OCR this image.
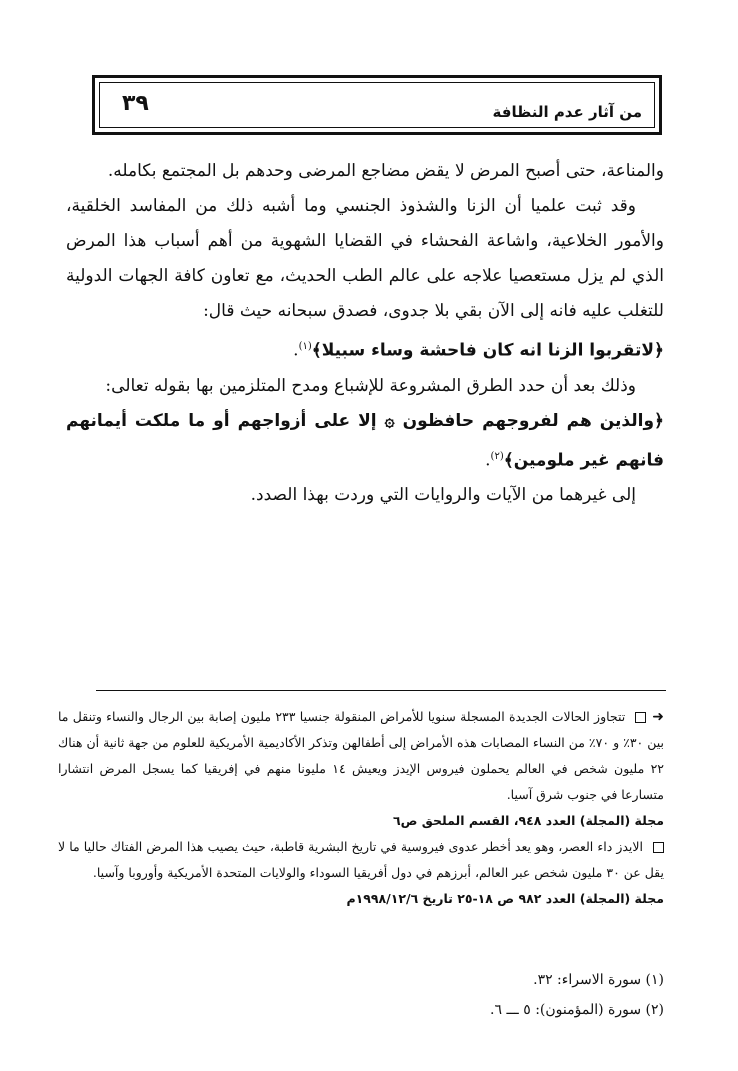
من آثار عدم النظافة
٣٩

والمناعة، حتى أصبح المرض لا يقض مضاجع المرضى وحدهم بل المجتمع بكامله.

وقد ثبت علميا أن الزنا والشذوذ الجنسي وما أشبه ذلك من المفاسد الخلقية، والأمور الخلاعية، واشاعة الفحشاء في القضايا الشهوية من أهم أسباب هذا المرض الذي لم يزل مستعصيا علاجه على عالم الطب الحديث، مع تعاون كافة الجهات الدولية للتغلب عليه فانه إلى الآن بقي بلا جدوى، فصدق سبحانه حيث قال:

﴿لاتقربوا الزنا انه كان فاحشة وساء سبيلا﴾$^{(١)}$.

وذلك بعد أن حدد الطرق المشروعة للإشباع ومدح المتلزمين بها بقوله تعالى:

﴿والذين هم لفروجهم حافظون ۞ إلا على أزواجهم أو ما ملكت أيمانهم فانهم غير ملومين﴾$^{(٢)}$.

إلى غيرهما من الآيات والروايات التي وردت بهذا الصدد.

➜تتجاوز الحالات الجديدة المسجلة سنويا للأمراض المنقولة جنسيا ٢٣٣ مليون إصابة بين الرجال والنساء وتنقل ما بين ٣٠٪ و ٧٠٪ من النساء المصابات هذه الأمراض إلى أطفالهن وتذكر الأكاديمية الأمريكية للعلوم من جهة ثانية أن هناك ٢٢ مليون شخص في العالم يحملون فيروس الإيدز ويعيش ١٤ مليونا منهم في إفريقيا كما يسجل المرض انتشارا متسارعا في جنوب شرق آسيا.

مجلة (المجلة) العدد ٩٤٨، القسم الملحق ص٦

الايدز داء العصر، وهو يعد أخطر عدوى فيروسية في تاريخ البشرية قاطبة، حيث يصيب هذا المرض الفتاك حاليا ما لا يقل عن ٣٠ مليون شخص عبر العالم، أبرزهم في دول أفريقيا السوداء والولايات المتحدة الأمريكية وأوروبا وآسيا.

مجلة (المجلة) العدد ٩٨٢ ص ١٨-٢٥ تاريخ ١٩٩٨/١٢/٦م

(١) سورة الاسراء: ٣٢.

(٢) سورة (المؤمنون): ٥ ـــ ٦.
